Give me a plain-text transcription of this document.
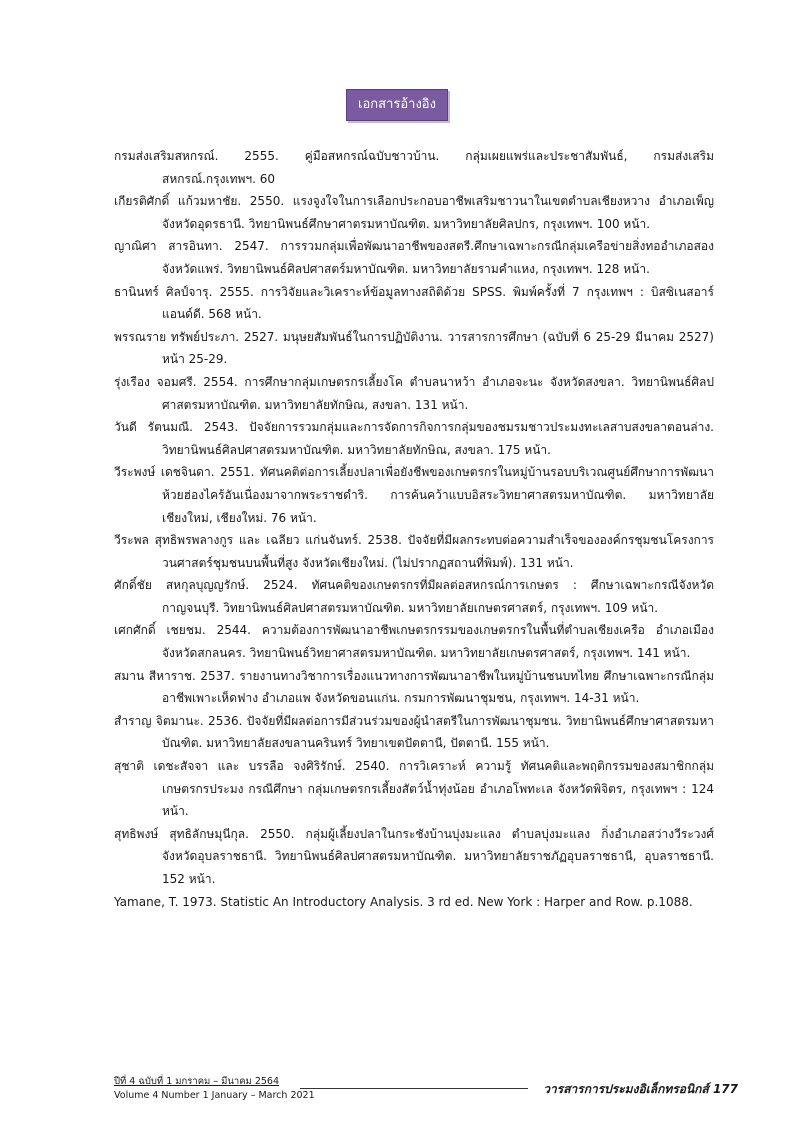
เอกสารอ้างอิง
กรมส่งเสริมสหกรณ์. 2555. คู่มือสหกรณ์ฉบับชาวบ้าน. กลุ่มเผยแพร่และประชาสัมพันธ์, กรมส่งเสริมสหกรณ์.กรุงเทพฯ. 60
เกียรติศักดิ์ แก้วมหาชัย. 2550. แรงจูงใจในการเลือกประกอบอาชีพเสริมชาวนาในเขตตำบลเชียงหวาง อำเภอเพ็ญ จังหวัดอุดรธานี. วิทยานิพนธ์ศึกษาศาตรมหาบัณฑิต. มหาวิทยาลัยศิลปกร, กรุงเทพฯ. 100 หน้า.
ญาณิศา สารอินทา. 2547. การรวมกลุ่มเพื่อพัฒนาอาชีพของสตรี.ศึกษาเฉพาะกรณีกลุ่มเครือข่ายสิ่งทออำเภอสอง จังหวัดแพร่. วิทยานิพนธ์ศิลปศาสตร์มหาบัณฑิต. มหาวิทยาลัยรามคำแหง, กรุงเทพฯ. 128 หน้า.
ธานินทร์ ศิลป์จารุ. 2555. การวิจัยและวิเคราะห์ข้อมูลทางสถิติด้วย SPSS. พิมพ์ครั้งที่ 7 กรุงเทพฯ : บิสซิเนสอาร์แอนด์ดี. 568 หน้า.
พรรณราย ทรัพย์ประภา. 2527. มนุษยสัมพันธ์ในการปฏิบัติงาน. วารสารการศึกษา (ฉบับที่ 6 25-29 มีนาคม 2527) หน้า 25-29.
รุ่งเรือง จอมศรี. 2554. การศึกษากลุ่มเกษตรกรเลี้ยงโค ตำบลนาหว้า อำเภอจะนะ จังหวัดสงขลา. วิทยานิพนธ์ศิลปศาสตรมหาบัณฑิต. มหาวิทยาลัยทักษิณ, สงขลา. 131 หน้า.
วันดี รัตนมณี. 2543. ปัจจัยการรวมกลุ่มและการจัดการกิจการกลุ่มของชมรมชาวประมงทะเลสาบสงขลาตอนล่าง. วิทยานิพนธ์ศิลปศาสตรมหาบัณฑิต. มหาวิทยาลัยทักษิณ, สงขลา. 175 หน้า.
วีระพงษ์ เดชจินดา. 2551. ทัศนคติต่อการเลี้ยงปลาเพื่อยังชีพของเกษตรกรในหมู่บ้านรอบบริเวณศูนย์ศึกษาการพัฒนาห้วยฮ่องไคร้อันเนื่องมาจากพระราชดำริ. การค้นคว้าแบบอิสระวิทยาศาสตรมหาบัณฑิต. มหาวิทยาลัยเชียงใหม่, เชียงใหม่. 76 หน้า.
วีระพล สุทธิพรพลางกูร และ เฉลียว แก่นจันทร์. 2538. ปัจจัยที่มีผลกระทบต่อความสำเร็จขององค์กรชุมชนโครงการวนศาสตร์ชุมชนบนพื้นที่สูง จังหวัดเชียงใหม่. (ไม่ปรากฏสถานที่พิมพ์). 131 หน้า.
ศักดิ์ชัย สหกุลบุญญรักษ์. 2524. ทัศนคติของเกษตรกรที่มีผลต่อสหกรณ์การเกษตร : ศึกษาเฉพาะกรณีจังหวัดกาญจนบุรี. วิทยานิพนธ์ศิลปศาสตรมหาบัณฑิต. มหาวิทยาลัยเกษตรศาสตร์, กรุงเทพฯ. 109 หน้า.
เศกศักดิ์ เชยชม. 2544. ความต้องการพัฒนาอาชีพเกษตรกรรมของเกษตรกรในพื้นที่ตำบลเชียงเครือ อำเภอเมือง จังหวัดสกลนคร. วิทยานิพนธ์วิทยาศาสตรมหาบัณฑิต. มหาวิทยาลัยเกษตรศาสตร์, กรุงเทพฯ. 141 หน้า.
สมาน สีหาราช. 2537. รายงานทางวิชาการเรื่องแนวทางการพัฒนาอาชีพในหมู่บ้านชนบทไทย ศึกษาเฉพาะกรณีกลุ่มอาชีพเพาะเห็ดฟาง อำเภอแพ จังหวัดขอนแก่น. กรมการพัฒนาชุมชน, กรุงเทพฯ. 14-31 หน้า.
สำราญ จิตมานะ. 2536. ปัจจัยที่มีผลต่อการมีส่วนร่วมของผู้นำสตรีในการพัฒนาชุมชน. วิทยานิพนธ์ศึกษาศาสตรมหาบัณฑิต. มหาวิทยาลัยสงขลานครินทร์ วิทยาเขตปัตตานี, ปัตตานี. 155 หน้า.
สุชาติ เดชะสัจจา และ บรรลือ จงศิริรักษ์. 2540. การวิเคราะห์ ความรู้ ทัศนคติและพฤติกรรมของสมาชิกกลุ่มเกษตรกรประมง กรณีศึกษา กลุ่มเกษตรกรเลี้ยงสัตว์น้ำทุ่งน้อย อำเภอโพทะเล จังหวัดพิจิตร, กรุงเทพฯ : 124 หน้า.
สุทธิพงษ์ สุทธิลักษมุนีกุล. 2550. กลุ่มผู้เลี้ยงปลาในกระชังบ้านบุ่งมะแลง ตำบลบุ่งมะแลง กิ่งอำเภอสว่างวีระวงศ์ จังหวัดอุบลราชธานี. วิทยานิพนธ์ศิลปศาสตรมหาบัณฑิต. มหาวิทยาลัยราชภัฏอุบลราชธานี, อุบลราชธานี. 152 หน้า.
Yamane, T. 1973. Statistic An Introductory Analysis. 3 rd ed. New York : Harper and Row. p.1088.
ปีที่ 4 ฉบับที่ 1 มกราคม – มีนาคม 2564
Volume 4 Number 1 January – March 2021	วารสารการประมงอิเล็กทรอนิกส์ 177
